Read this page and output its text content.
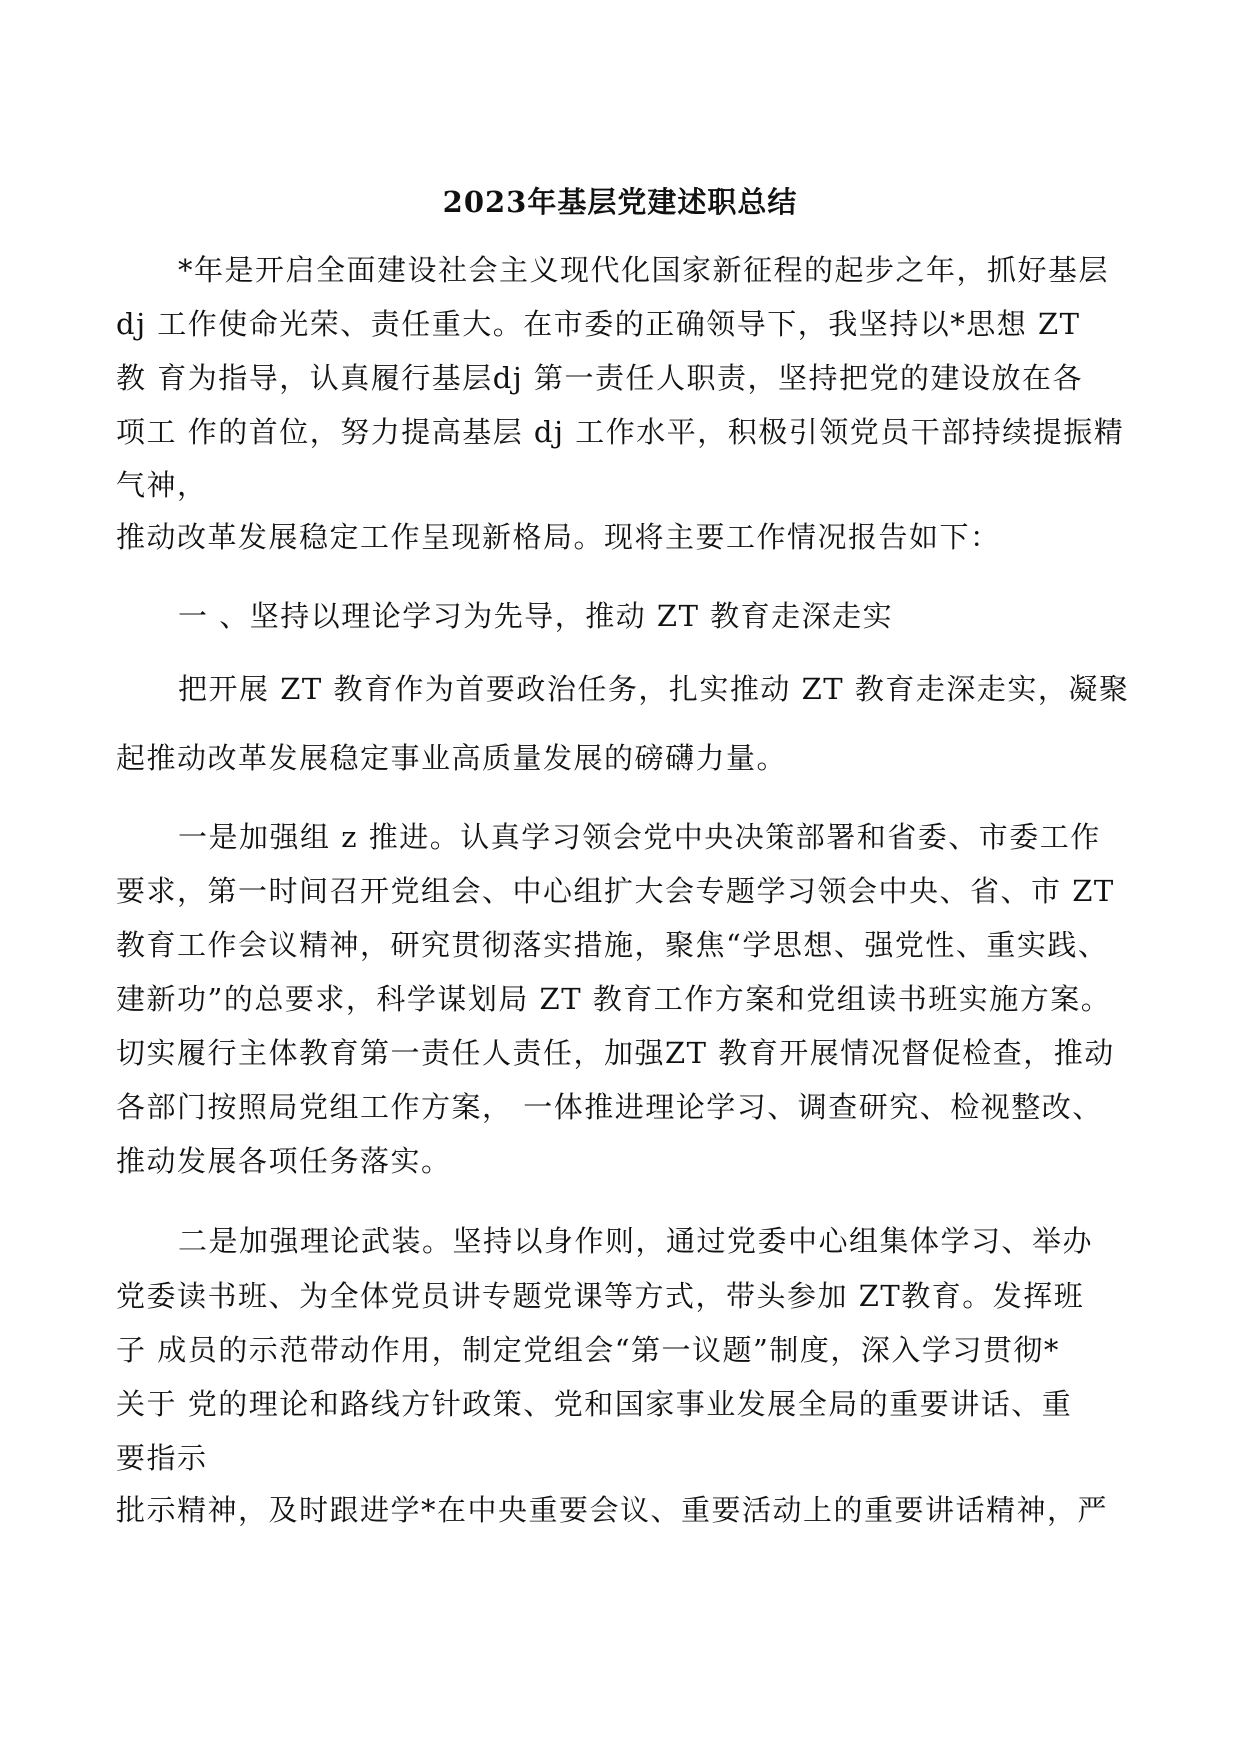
2023年基层党建述职总结
*年是开启全面建设社会主义现代化国家新征程的起步之年，抓好基层
dj 工作使命光荣、责任重大。在市委的正确领导下，我坚持以*思想 ZT
教 育为指导，认真履行基层dj 第一责任人职责，坚持把党的建设放在各
项工 作的首位，努力提高基层 dj 工作水平，积极引领党员干部持续提振精
气神，
推动改革发展稳定工作呈现新格局。现将主要工作情况报告如下：
一 、坚持以理论学习为先导，推动 ZT 教育走深走实
把开展 ZT 教育作为首要政治任务，扎实推动 ZT 教育走深走实，凝聚
起推动改革发展稳定事业高质量发展的磅礴力量。
一是加强组 z 推进。认真学习领会党中央决策部署和省委、市委工作
要求，第一时间召开党组会、中心组扩大会专题学习领会中央、省、市 ZT
教育工作会议精神，研究贯彻落实措施，聚焦“学思想、强党性、重实践、
建新功”的总要求，科学谋划局 ZT 教育工作方案和党组读书班实施方案。
切实履行主体教育第一责任人责任，加强ZT 教育开展情况督促检查，推动
各部门按照局党组工作方案， 一体推进理论学习、调查研究、检视整改、
推动发展各项任务落实。
二是加强理论武装。坚持以身作则，通过党委中心组集体学习、举办
党委读书班、为全体党员讲专题党课等方式，带头参加 ZT教育。发挥班
子 成员的示范带动作用，制定党组会“第一议题”制度，深入学习贯彻*
关于 党的理论和路线方针政策、党和国家事业发展全局的重要讲话、重
要指示
批示精神，及时跟进学*在中央重要会议、重要活动上的重要讲话精神，严
